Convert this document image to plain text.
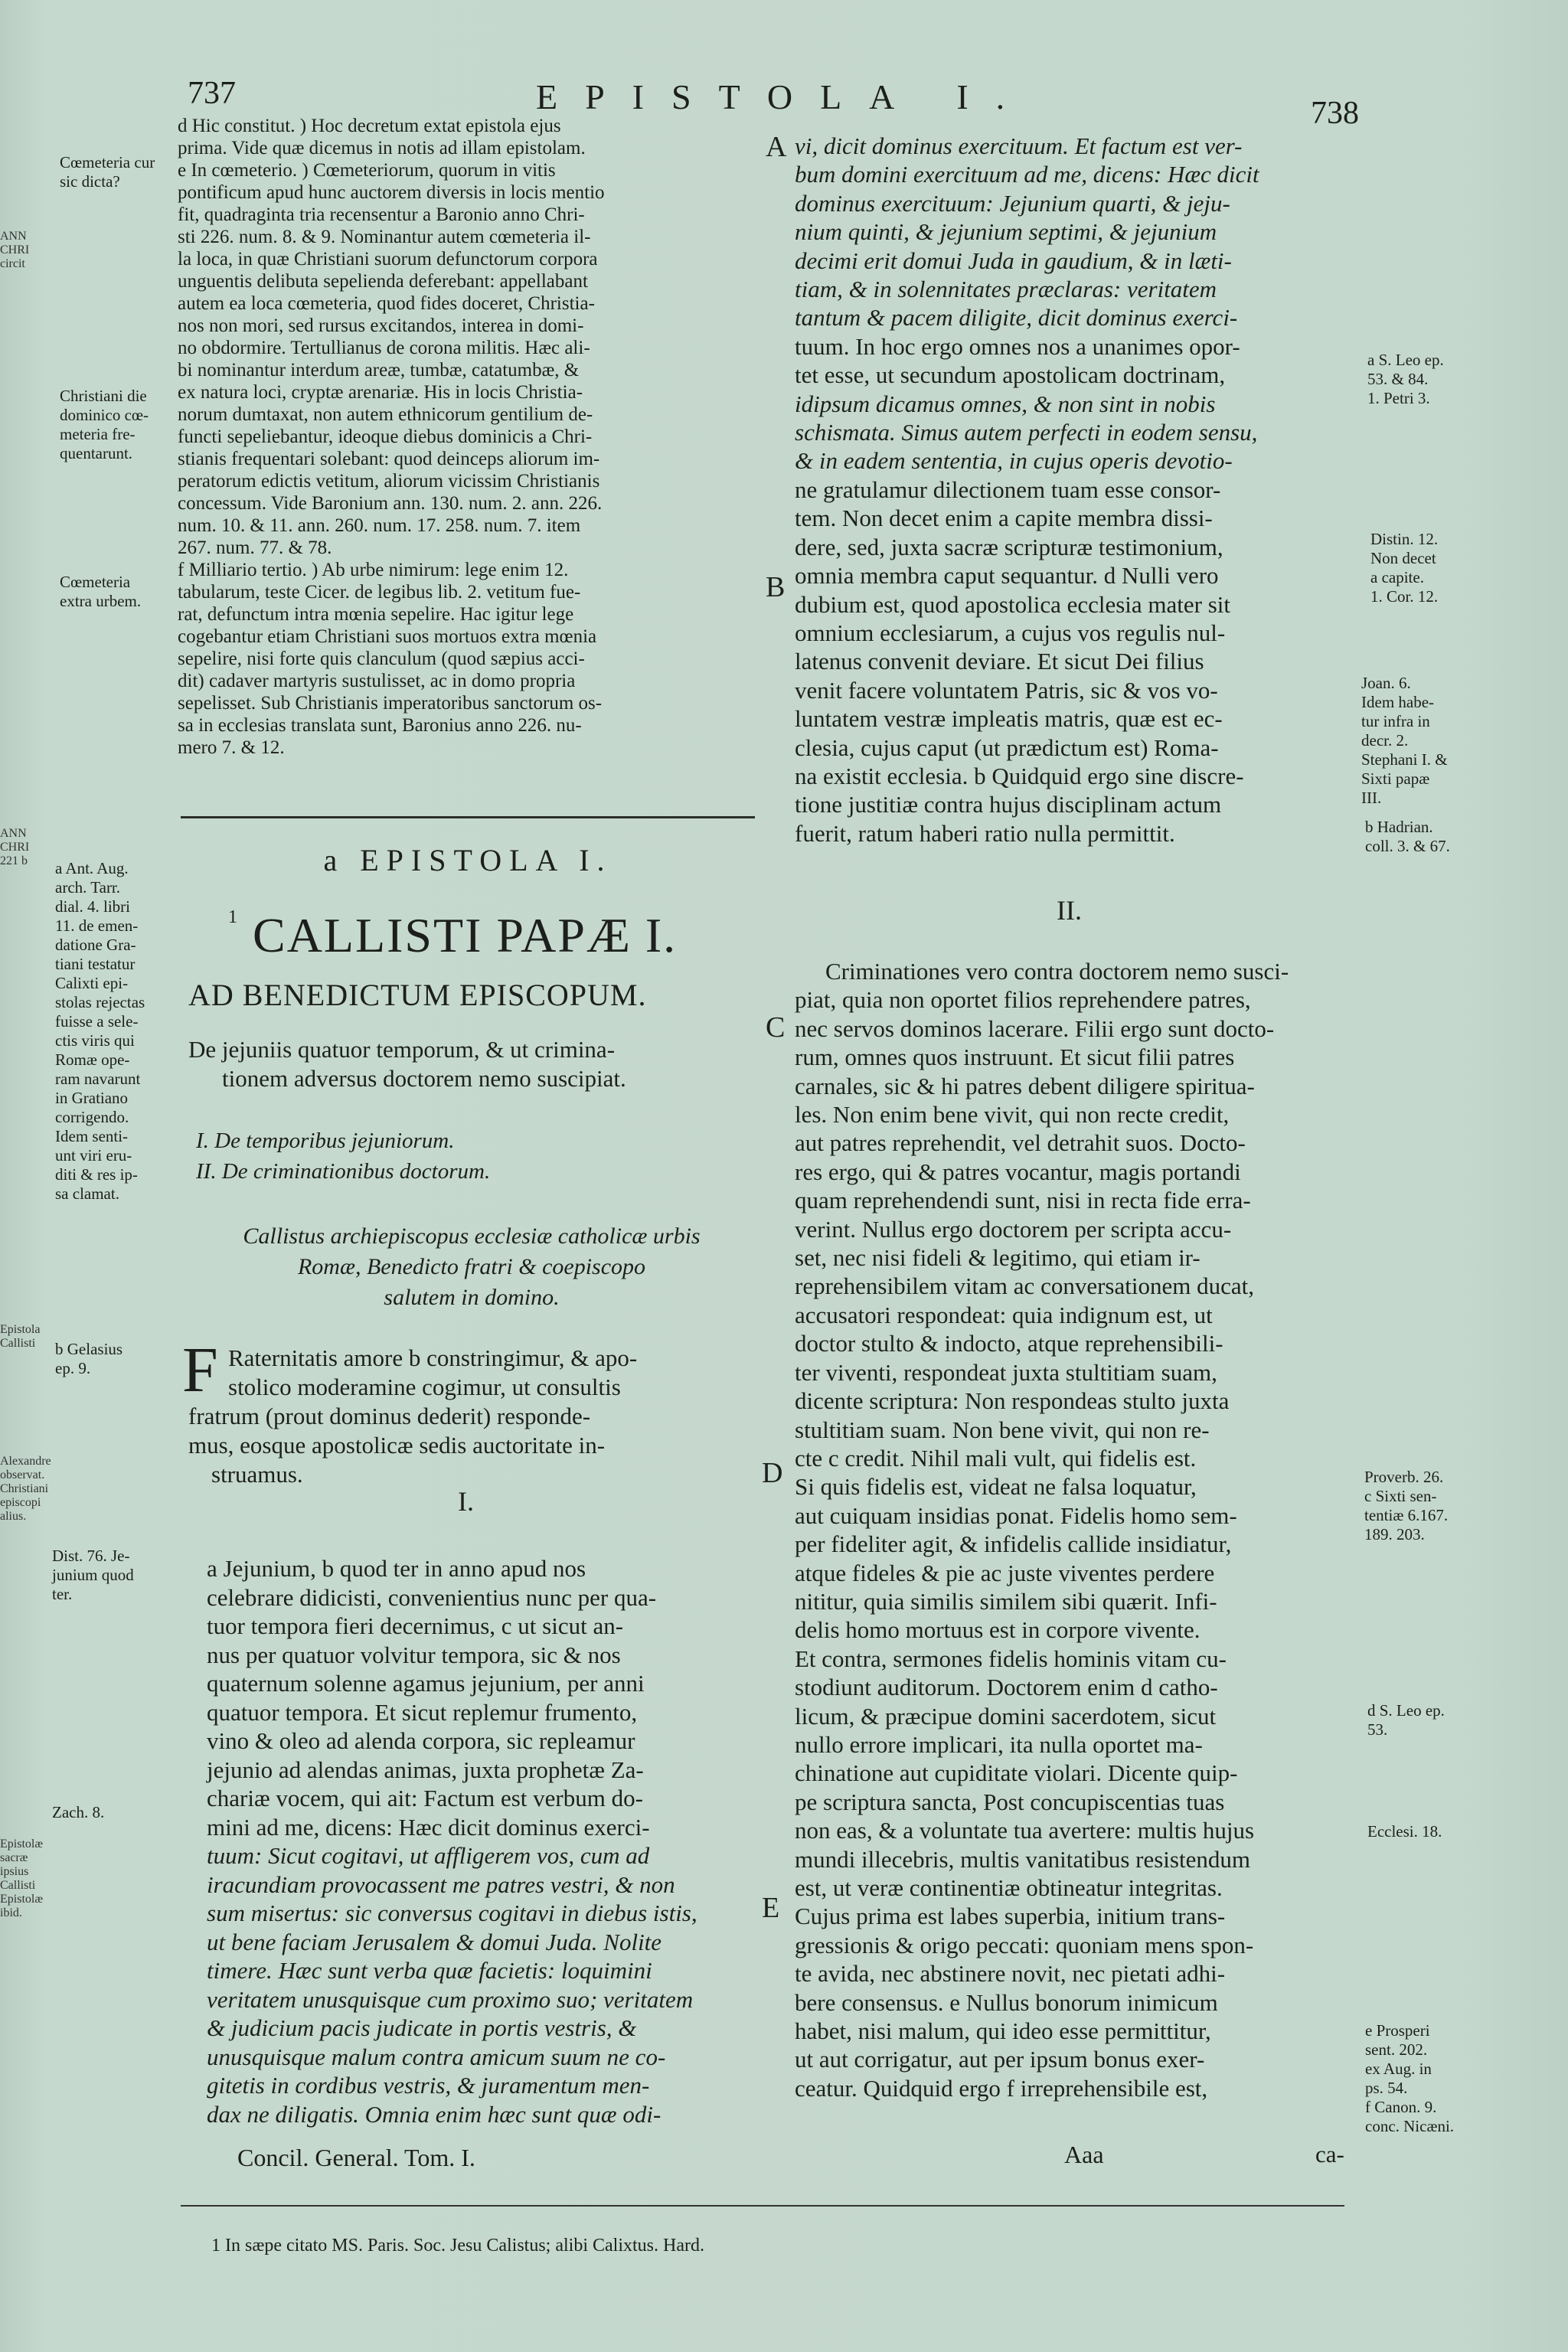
737	EPISTOLA I.	738
ANN
CHRI
circit
ANN
CHRI
221 b
Epistola
Callisti
Alexandre
observat.
Christiani
episcopi
alius.
Epistolæ
sacræ
ipsius
Callisti
Epistolæ
ibid.
Cœmeteria cur
sic dicta?
Christiani die
dominico cœ-
meteria fre-
quentarunt.
Cœmeteria
extra urbem.
a Ant. Aug.
arch. Tarr.
dial. 4. libri
11. de emen-
datione Gra-
tiani testatur
Calixti epi-
stolas rejectas
fuisse a sele-
ctis viris qui
Romæ ope-
ram navarunt
in Gratiano
corrigendo.
Idem senti-
unt viri eru-
diti & res ip-
sa clamat.
b Gelasius
ep. 9.
Dist. 76. Je-
junium quod
ter.
Zach. 8.
d Hic constitut. ) Hoc decretum extat epistola ejus
prima. Vide quæ dicemus in notis ad illam epistolam.
e In cœmeterio. ) Cœmeteriorum, quorum in vitis
pontificum apud hunc auctorem diversis in locis mentio
fit, quadraginta tria recensentur a Baronio anno Chri-
sti 226. num. 8. & 9. Nominantur autem cœmeteria il-
la loca, in quæ Christiani suorum defunctorum corpora
unguentis delibuta sepelienda deferebant: appellabant
autem ea loca cœmeteria, quod fides doceret, Christia-
nos non mori, sed rursus excitandos, interea in domi-
no obdormire. Tertullianus de corona militis. Hæc ali-
bi nominantur interdum areæ, tumbæ, catatumbæ, &
ex natura loci, cryptæ arenariæ. His in locis Christia-
norum dumtaxat, non autem ethnicorum gentilium de-
functi sepeliebantur, ideoque diebus dominicis a Chri-
stianis frequentari solebant: quod deinceps aliorum im-
peratorum edictis vetitum, aliorum vicissim Christianis
concessum. Vide Baronium ann. 130. num. 2. ann. 226.
num. 10. & 11. ann. 260. num. 17. 258. num. 7. item
267. num. 77. & 78.
f Milliario tertio. ) Ab urbe nimirum: lege enim 12.
tabularum, teste Cicer. de legibus lib. 2. vetitum fue-
rat, defunctum intra mœnia sepelire. Hac igitur lege
cogebantur etiam Christiani suos mortuos extra mœnia
sepelire, nisi forte quis clanculum (quod sæpius acci-
dit) cadaver martyris sustulisset, ac in domo propria
sepelisset. Sub Christianis imperatoribus sanctorum os-
sa in ecclesias translata sunt, Baronius anno 226. nu-
mero 7. & 12.
a EPISTOLA I.
$^1$ CALLISTI PAPÆ I.
AD BENEDICTUM EPISCOPUM.
De jejuniis quatuor temporum, & ut crimina-
tionem adversus doctorem nemo suscipiat.
I. De temporibus jejuniorum.
II. De criminationibus doctorum.
Callistus archiepiscopus ecclesiæ catholicæ urbis
Romæ, Benedicto fratri & coepiscopo
salutem in domino.
F Raternitatis amore b constringimur, & apo-
stolico moderamine cogimur, ut consultis
fratrum (prout dominus dederit) responde-
mus, eosque apostolicæ sedis auctoritate in-
struamus.
I.
a Jejunium, b quod ter in anno apud nos
celebrare didicisti, convenientius nunc per qua-
tuor tempora fieri decernimus, c ut sicut an-
nus per quatuor volvitur tempora, sic & nos
quaternum solenne agamus jejunium, per anni
quatuor tempora. Et sicut replemur frumento,
vino & oleo ad alenda corpora, sic repleamur
jejunio ad alendas animas, juxta prophetæ Za-
chariæ vocem, qui ait: Factum est verbum do-
mini ad me, dicens: Hæc dicit dominus exerci-
tuum: Sicut cogitavi, ut affligerem vos, cum ad
iracundiam provocassent me patres vestri, & non
sum misertus: sic conversus cogitavi in diebus istis,
ut bene faciam Jerusalem & domui Juda. Nolite
timere. Hæc sunt verba quæ facietis: loquimini
veritatem unusquisque cum proximo suo; veritatem
& judicium pacis judicate in portis vestris, &
unusquisque malum contra amicum suum ne co-
gitetis in cordibus vestris, & juramentum men-
dax ne diligatis. Omnia enim hæc sunt quæ odi-
Concil. General. Tom. I.
A
B
C
D
E
vi, dicit dominus exercituum. Et factum est ver-
bum domini exercituum ad me, dicens: Hæc dicit
dominus exercituum: Jejunium quarti, & jeju-
nium quinti, & jejunium septimi, & jejunium
decimi erit domui Juda in gaudium, & in læti-
tiam, & in solennitates præclaras: veritatem
tantum & pacem diligite, dicit dominus exerci-
tuum. In hoc ergo omnes nos a unanimes opor-
tet esse, ut secundum apostolicam doctrinam,
idipsum dicamus omnes, & non sint in nobis
schismata. Simus autem perfecti in eodem sensu,
& in eadem sententia, in cujus operis devotio-
ne gratulamur dilectionem tuam esse consor-
tem. Non decet enim a capite membra dissi-
dere, sed, juxta sacræ scripturæ testimonium,
omnia membra caput sequantur. d Nulli vero
dubium est, quod apostolica ecclesia mater sit
omnium ecclesiarum, a cujus vos regulis nul-
latenus convenit deviare. Et sicut Dei filius
venit facere voluntatem Patris, sic & vos vo-
luntatem vestræ impleatis matris, quæ est ec-
clesia, cujus caput (ut prædictum est) Roma-
na existit ecclesia. b Quidquid ergo sine discre-
tione justitiæ contra hujus disciplinam actum
fuerit, ratum haberi ratio nulla permittit.
II.
Criminationes vero contra doctorem nemo susci-
piat, quia non oportet filios reprehendere patres,
nec servos dominos lacerare. Filii ergo sunt docto-
rum, omnes quos instruunt. Et sicut filii patres
carnales, sic & hi patres debent diligere spiritua-
les. Non enim bene vivit, qui non recte credit,
aut patres reprehendit, vel detrahit suos. Docto-
res ergo, qui & patres vocantur, magis portandi
quam reprehendendi sunt, nisi in recta fide erra-
verint. Nullus ergo doctorem per scripta accu-
set, nec nisi fideli & legitimo, qui etiam ir-
reprehensibilem vitam ac conversationem ducat,
accusatori respondeat: quia indignum est, ut
doctor stulto & indocto, atque reprehensibili-
ter viventi, respondeat juxta stultitiam suam,
dicente scriptura: Non respondeas stulto juxta
stultitiam suam. Non bene vivit, qui non re-
cte c credit. Nihil mali vult, qui fidelis est.
Si quis fidelis est, videat ne falsa loquatur,
aut cuiquam insidias ponat. Fidelis homo sem-
per fideliter agit, & infidelis callide insidiatur,
atque fideles & pie ac juste viventes perdere
nititur, quia similis similem sibi quærit. Infi-
delis homo mortuus est in corpore vivente.
Et contra, sermones fidelis hominis vitam cu-
stodiunt auditorum. Doctorem enim d catho-
licum, & præcipue domini sacerdotem, sicut
nullo errore implicari, ita nulla oportet ma-
chinatione aut cupiditate violari. Dicente quip-
pe scriptura sancta, Post concupiscentias tuas
non eas, & a voluntate tua avertere: multis hujus
mundi illecebris, multis vanitatibus resistendum
est, ut veræ continentiæ obtineatur integritas.
Cujus prima est labes superbia, initium trans-
gressionis & origo peccati: quoniam mens spon-
te avida, nec abstinere novit, nec pietati adhi-
bere consensus. e Nullus bonorum inimicum
habet, nisi malum, qui ideo esse permittitur,
ut aut corrigatur, aut per ipsum bonus exer-
ceatur. Quidquid ergo f irreprehensibile est,
Aaa	ca-
a S. Leo ep.
53. & 84.
1. Petri 3.
Distin. 12.
Non decet
a capite.
1. Cor. 12.
Joan. 6.
Idem habe-
tur infra in
decr. 2.
Stephani I. &
Sixti papæ
III.
b Hadrian.
coll. 3. & 67.
Proverb. 26.
c Sixti sen-
tentiæ 6.167.
189. 203.
d S. Leo ep.
53.
Ecclesi. 18.
e Prosperi
sent. 202.
ex Aug. in
ps. 54.
f Canon. 9.
conc. Nicæni.
1 In sæpe citato MS. Paris. Soc. Jesu Calistus; alibi Calixtus. Hard.
